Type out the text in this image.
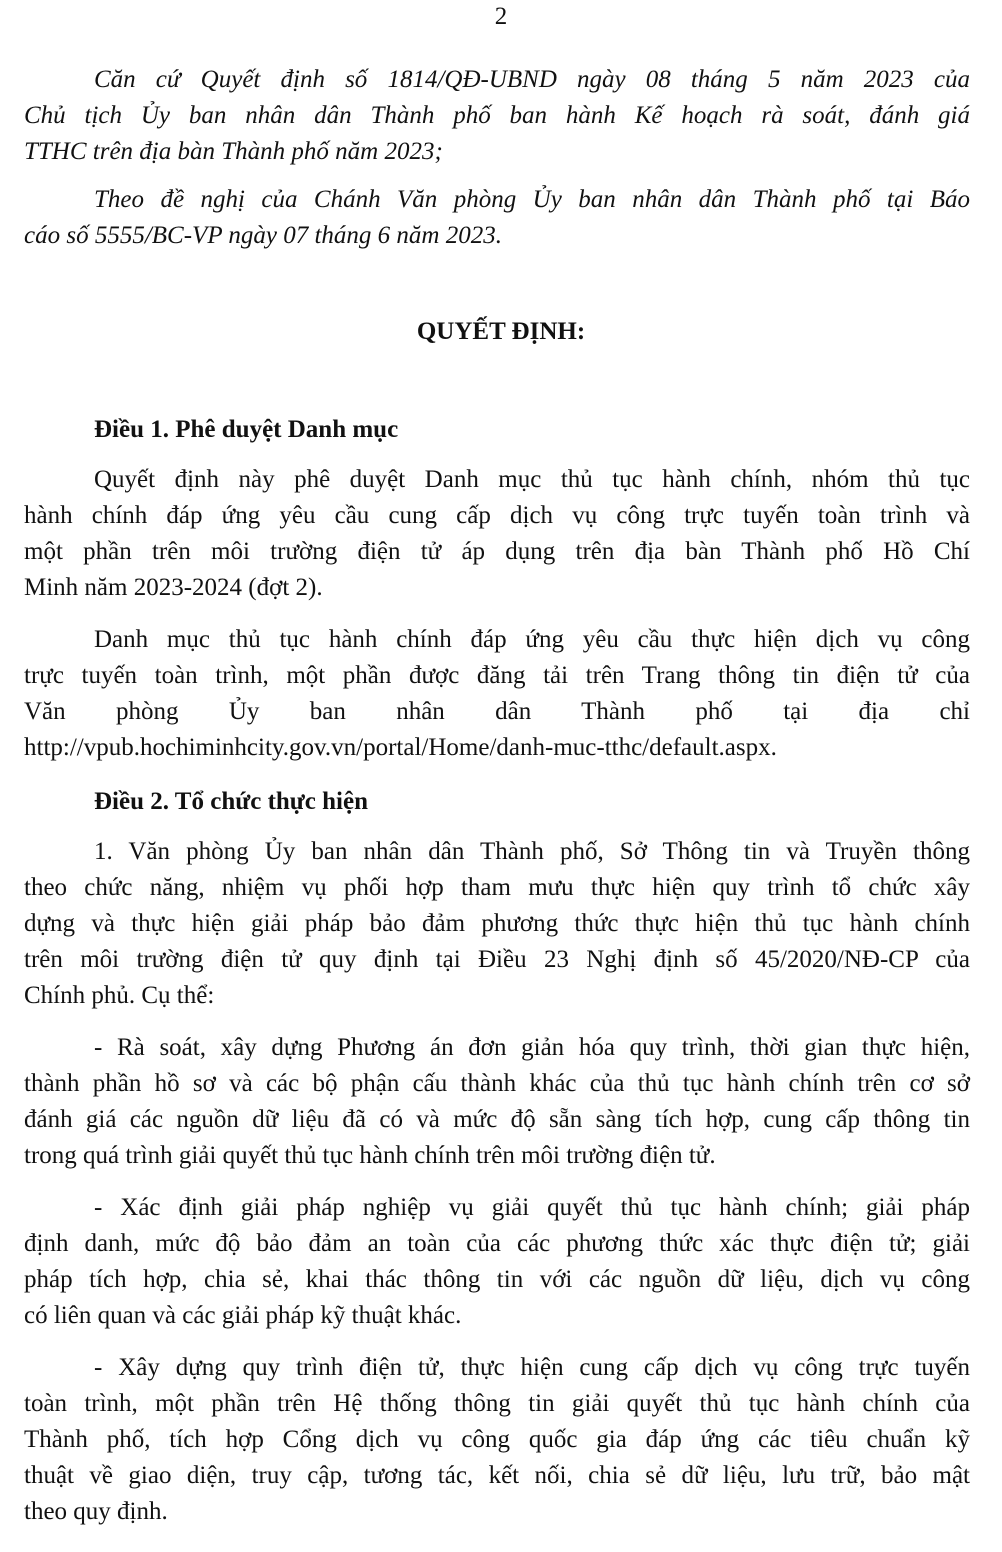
2
Căn cứ Quyết định số 1814/QĐ-UBND ngày 08 tháng 5 năm 2023 của
Chủ tịch Ủy ban nhân dân Thành phố ban hành Kế hoạch rà soát, đánh giá
TTHC trên địa bàn Thành phố năm 2023;
Theo đề nghị của Chánh Văn phòng Ủy ban nhân dân Thành phố tại Báo
cáo số 5555/BC-VP ngày 07 tháng 6 năm 2023.
QUYẾT ĐỊNH:
Điều 1. Phê duyệt Danh mục
Quyết định này phê duyệt Danh mục thủ tục hành chính, nhóm thủ tục
hành chính đáp ứng yêu cầu cung cấp dịch vụ công trực tuyến toàn trình và
một phần trên môi trường điện tử áp dụng trên địa bàn Thành phố Hồ Chí
Minh năm 2023-2024 (đợt 2).
Danh mục thủ tục hành chính đáp ứng yêu cầu thực hiện dịch vụ công
trực tuyến toàn trình, một phần được đăng tải trên Trang thông tin điện tử của
Văn phòng Ủy ban nhân dân Thành phố tại địa chỉ
http://vpub.hochiminhcity.gov.vn/portal/Home/danh-muc-tthc/default.aspx.
Điều 2. Tổ chức thực hiện
1. Văn phòng Ủy ban nhân dân Thành phố, Sở Thông tin và Truyền thông
theo chức năng, nhiệm vụ phối hợp tham mưu thực hiện quy trình tổ chức xây
dựng và thực hiện giải pháp bảo đảm phương thức thực hiện thủ tục hành chính
trên môi trường điện tử quy định tại Điều 23 Nghị định số 45/2020/NĐ-CP của
Chính phủ. Cụ thể:
- Rà soát, xây dựng Phương án đơn giản hóa quy trình, thời gian thực hiện,
thành phần hồ sơ và các bộ phận cấu thành khác của thủ tục hành chính trên cơ sở
đánh giá các nguồn dữ liệu đã có và mức độ sẵn sàng tích hợp, cung cấp thông tin
trong quá trình giải quyết thủ tục hành chính trên môi trường điện tử.
- Xác định giải pháp nghiệp vụ giải quyết thủ tục hành chính; giải pháp
định danh, mức độ bảo đảm an toàn của các phương thức xác thực điện tử; giải
pháp tích hợp, chia sẻ, khai thác thông tin với các nguồn dữ liệu, dịch vụ công
có liên quan và các giải pháp kỹ thuật khác.
- Xây dựng quy trình điện tử, thực hiện cung cấp dịch vụ công trực tuyến
toàn trình, một phần trên Hệ thống thông tin giải quyết thủ tục hành chính của
Thành phố, tích hợp Cổng dịch vụ công quốc gia đáp ứng các tiêu chuẩn kỹ
thuật về giao diện, truy cập, tương tác, kết nối, chia sẻ dữ liệu, lưu trữ, bảo mật
theo quy định.
